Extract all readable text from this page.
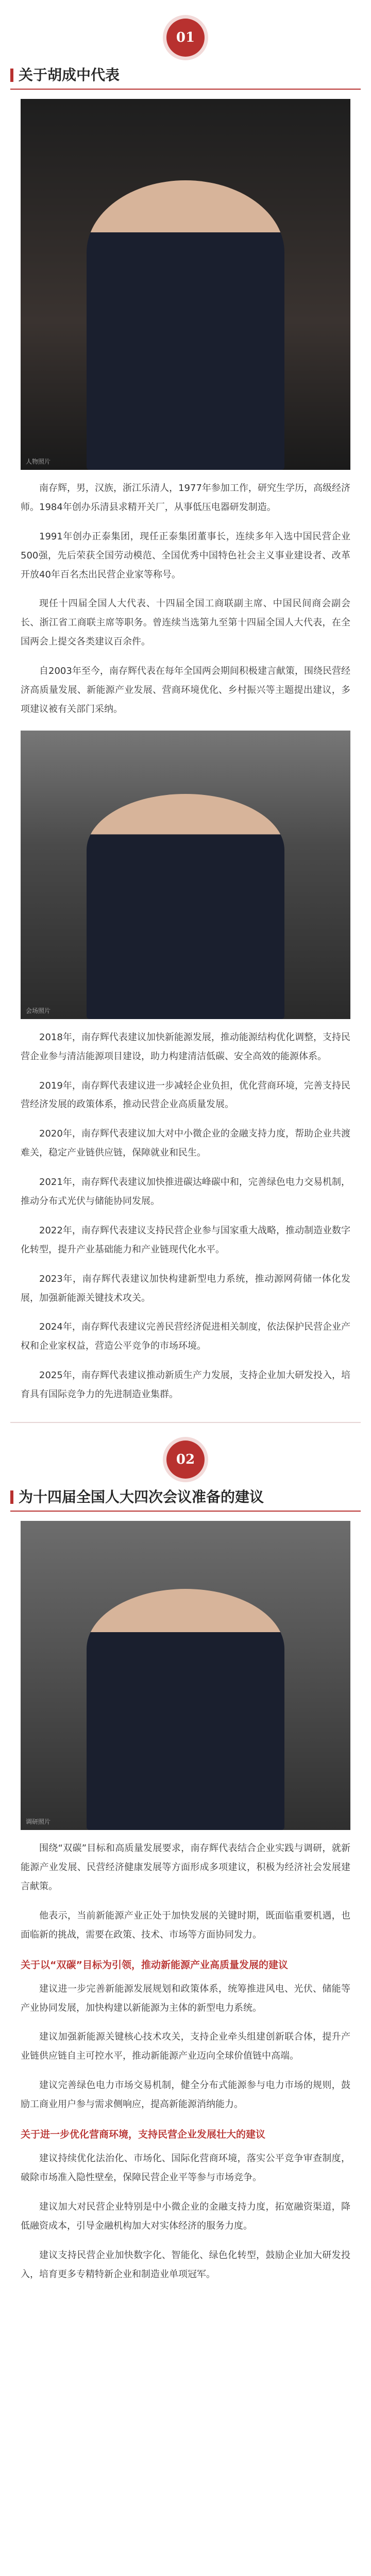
01
关于胡成中代表
人物照片

南存辉，男，汉族，浙江乐清人，1977年参加工作，研究生学历，高级经济师。1984年创办乐清县求精开关厂，从事低压电器研发制造。

1991年创办正泰集团，现任正泰集团董事长，连续多年入选中国民营企业500强，先后荣获全国劳动模范、全国优秀中国特色社会主义事业建设者、改革开放40年百名杰出民营企业家等称号。

现任十四届全国人大代表、十四届全国工商联副主席、中国民间商会副会长、浙江省工商联主席等职务。曾连续当选第九至第十四届全国人大代表，在全国两会上提交各类建议百余件。

自2003年至今，南存辉代表在每年全国两会期间积极建言献策，围绕民营经济高质量发展、新能源产业发展、营商环境优化、乡村振兴等主题提出建议，多项建议被有关部门采纳。

会场照片

2018年，南存辉代表建议加快新能源发展，推动能源结构优化调整，支持民营企业参与清洁能源项目建设，助力构建清洁低碳、安全高效的能源体系。

2019年，南存辉代表建议进一步减轻企业负担，优化营商环境，完善支持民营经济发展的政策体系，推动民营企业高质量发展。

2020年，南存辉代表建议加大对中小微企业的金融支持力度，帮助企业共渡难关，稳定产业链供应链，保障就业和民生。

2021年，南存辉代表建议加快推进碳达峰碳中和，完善绿色电力交易机制，推动分布式光伏与储能协同发展。

2022年，南存辉代表建议支持民营企业参与国家重大战略，推动制造业数字化转型，提升产业基础能力和产业链现代化水平。

2023年，南存辉代表建议加快构建新型电力系统，推动源网荷储一体化发展，加强新能源关键技术攻关。

2024年，南存辉代表建议完善民营经济促进相关制度，依法保护民营企业产权和企业家权益，营造公平竞争的市场环境。

2025年，南存辉代表建议推动新质生产力发展，支持企业加大研发投入，培育具有国际竞争力的先进制造业集群。

02
为十四届全国人大四次会议准备的建议
调研照片

围绕“双碳”目标和高质量发展要求，南存辉代表结合企业实践与调研，就新能源产业发展、民营经济健康发展等方面形成多项建议，积极为经济社会发展建言献策。

他表示，当前新能源产业正处于加快发展的关键时期，既面临重要机遇，也面临新的挑战，需要在政策、技术、市场等方面协同发力。

关于以“双碳”目标为引领，推动新能源产业高质量发展的建议

建议进一步完善新能源发展规划和政策体系，统筹推进风电、光伏、储能等产业协同发展，加快构建以新能源为主体的新型电力系统。

建议加强新能源关键核心技术攻关，支持企业牵头组建创新联合体，提升产业链供应链自主可控水平，推动新能源产业迈向全球价值链中高端。

建议完善绿色电力市场交易机制，健全分布式能源参与电力市场的规则，鼓励工商业用户参与需求侧响应，提高新能源消纳能力。

关于进一步优化营商环境，支持民营企业发展壮大的建议

建议持续优化法治化、市场化、国际化营商环境，落实公平竞争审查制度，破除市场准入隐性壁垒，保障民营企业平等参与市场竞争。

建议加大对民营企业特别是中小微企业的金融支持力度，拓宽融资渠道，降低融资成本，引导金融机构加大对实体经济的服务力度。

建议支持民营企业加快数字化、智能化、绿色化转型，鼓励企业加大研发投入，培育更多专精特新企业和制造业单项冠军。
